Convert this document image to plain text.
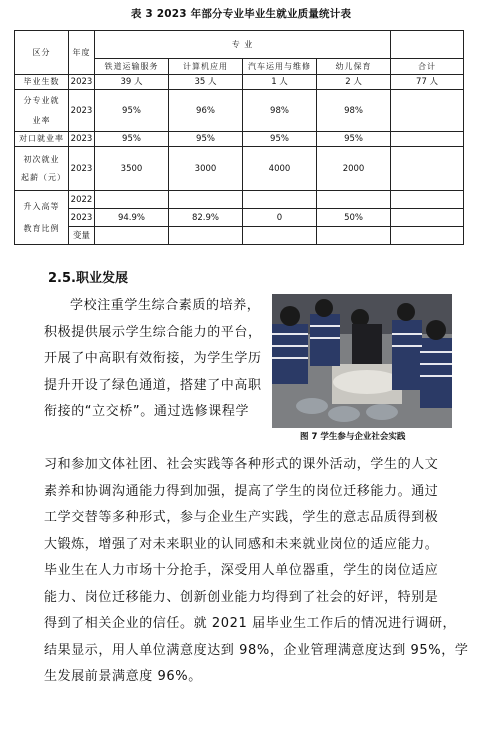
表 3 2023 年部分专业毕业生就业质量统计表
区分	年度	专 业				
		铁道运输服务	计算机应用	汽车运用与维修	幼儿保育	合计
毕业生数	2023	39 人	35 人	1 人	2 人	77 人
分专业就业率	2023	95%	96%	98%	98%	
对口就业率	2023	95%	95%	95%	95%	
初次就业起薪（元）	2023	3500	3000	4000	2000	
升入高等教育比例	2022					
	2023	94.9%	82.9%	0	50%	
	变量					
2.5.职业发展
图 7 学生参与企业社会实践
学校注重学生综合素质的培养，
积极提供展示学生综合能力的平台，
开展了中高职有效衔接，为学生学历
提升开设了绿色通道，搭建了中高职
衔接的“立交桥”。通过选修课程学
习和参加文体社团、社会实践等各种形式的课外活动，学生的人文
素养和协调沟通能力得到加强，提高了学生的岗位迁移能力。通过
工学交替等多种形式，参与企业生产实践，学生的意志品质得到极
大锻炼，增强了对未来职业的认同感和未来就业岗位的适应能力。
毕业生在人力市场十分抢手，深受用人单位器重，学生的岗位适应
能力、岗位迁移能力、创新创业能力均得到了社会的好评，特别是
得到了相关企业的信任。就 2021 届毕业生工作后的情况进行调研，
结果显示，用人单位满意度达到 98%，企业管理满意度达到 95%，学
生发展前景满意度 96%。
